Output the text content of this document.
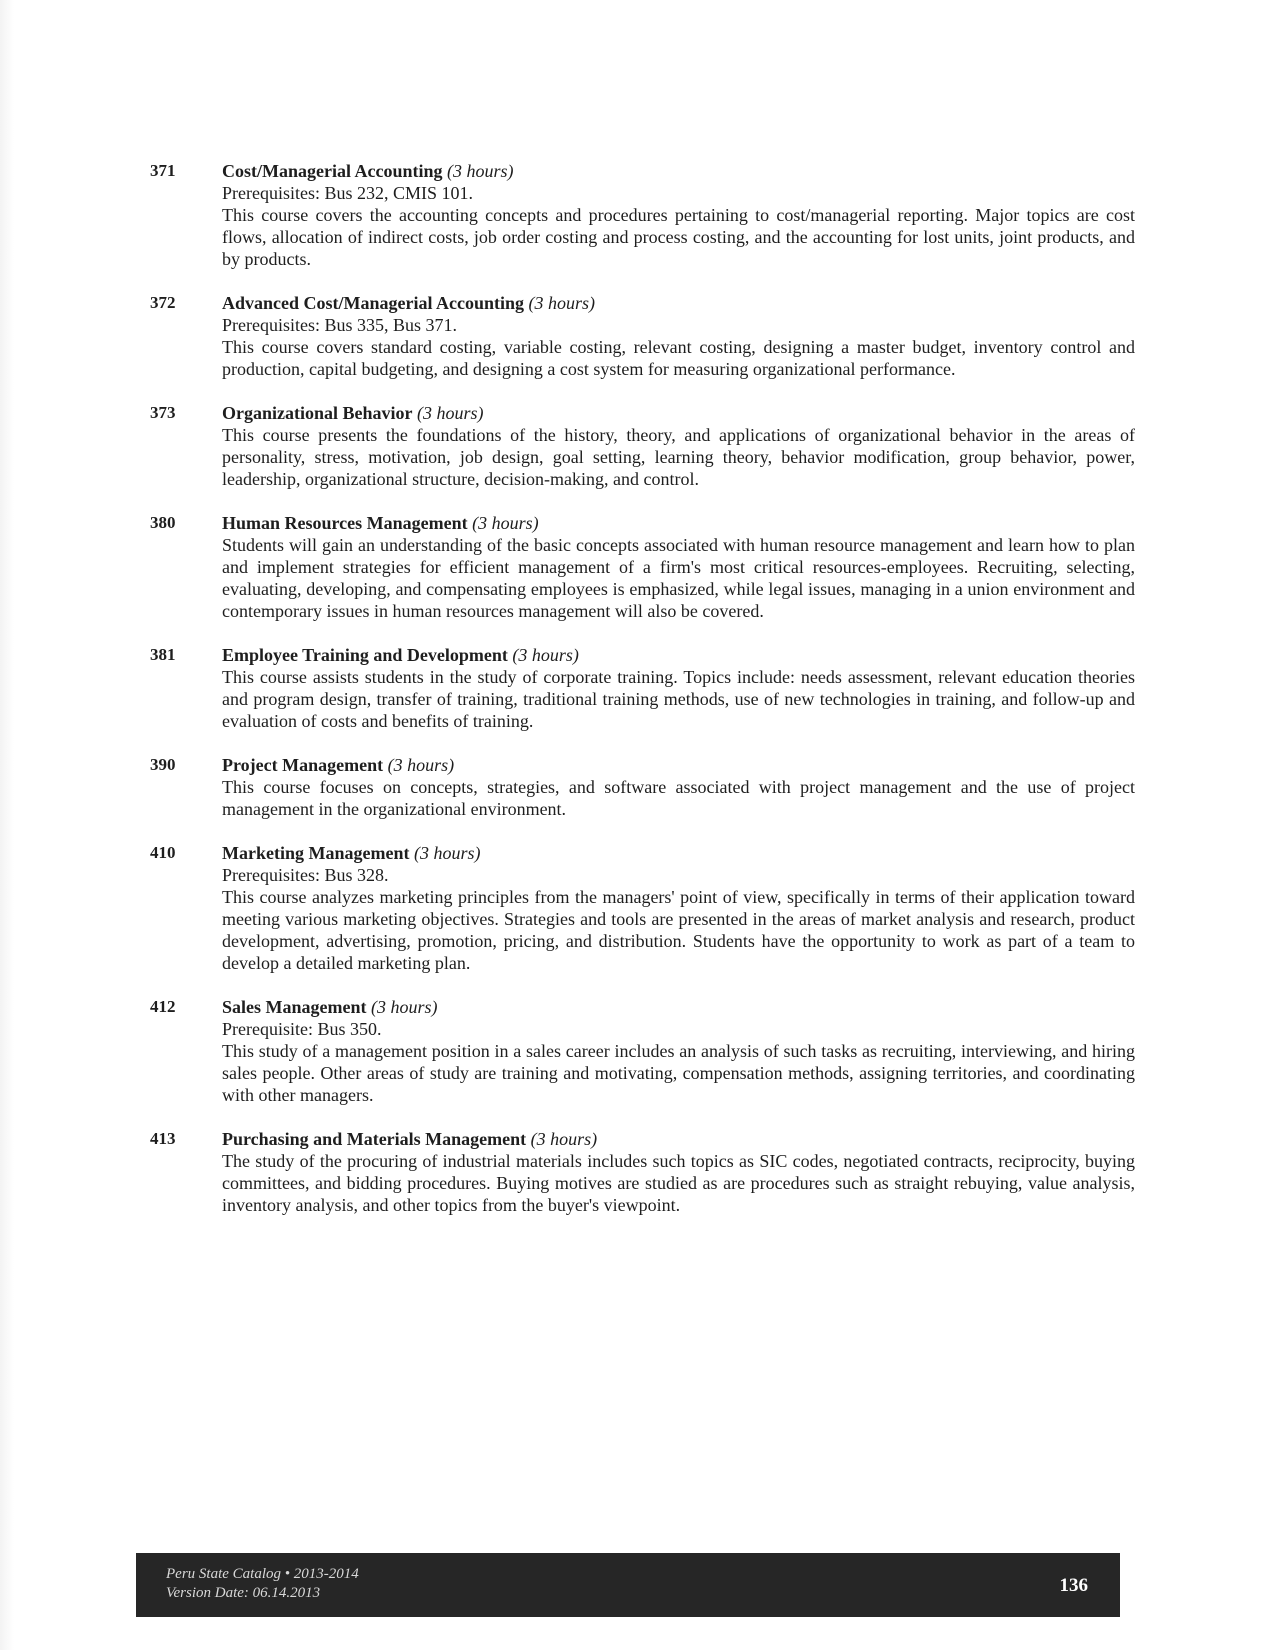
371	Cost/Managerial Accounting (3 hours)
Prerequisites: Bus 232, CMIS 101.
This course covers the accounting concepts and procedures pertaining to cost/managerial reporting. Major topics are cost flows, allocation of indirect costs, job order costing and process costing, and the accounting for lost units, joint products, and by products.
372	Advanced Cost/Managerial Accounting (3 hours)
Prerequisites: Bus 335, Bus 371.
This course covers standard costing, variable costing, relevant costing, designing a master budget, inventory control and production, capital budgeting, and designing a cost system for measuring organizational performance.
373	Organizational Behavior (3 hours)
This course presents the foundations of the history, theory, and applications of organizational behavior in the areas of personality, stress, motivation, job design, goal setting, learning theory, behavior modification, group behavior, power, leadership, organizational structure, decision-making, and control.
380	Human Resources Management (3 hours)
Students will gain an understanding of the basic concepts associated with human resource management and learn how to plan and implement strategies for efficient management of a firm's most critical resources-employees. Recruiting, selecting, evaluating, developing, and compensating employees is emphasized, while legal issues, managing in a union environment and contemporary issues in human resources management will also be covered.
381	Employee Training and Development (3 hours)
This course assists students in the study of corporate training. Topics include: needs assessment, relevant education theories and program design, transfer of training, traditional training methods, use of new technologies in training, and follow-up and evaluation of costs and benefits of training.
390	Project Management (3 hours)
This course focuses on concepts, strategies, and software associated with project management and the use of project management in the organizational environment.
410	Marketing Management (3 hours)
Prerequisites: Bus 328.
This course analyzes marketing principles from the managers' point of view, specifically in terms of their application toward meeting various marketing objectives. Strategies and tools are presented in the areas of market analysis and research, product development, advertising, promotion, pricing, and distribution. Students have the opportunity to work as part of a team to develop a detailed marketing plan.
412	Sales Management (3 hours)
Prerequisite: Bus 350.
This study of a management position in a sales career includes an analysis of such tasks as recruiting, interviewing, and hiring sales people. Other areas of study are training and motivating, compensation methods, assigning territories, and coordinating with other managers.
413	Purchasing and Materials Management (3 hours)
The study of the procuring of industrial materials includes such topics as SIC codes, negotiated contracts, reciprocity, buying committees, and bidding procedures. Buying motives are studied as are procedures such as straight rebuying, value analysis, inventory analysis, and other topics from the buyer's viewpoint.
Peru State Catalog • 2013-2014
Version Date: 06.14.2013	136
